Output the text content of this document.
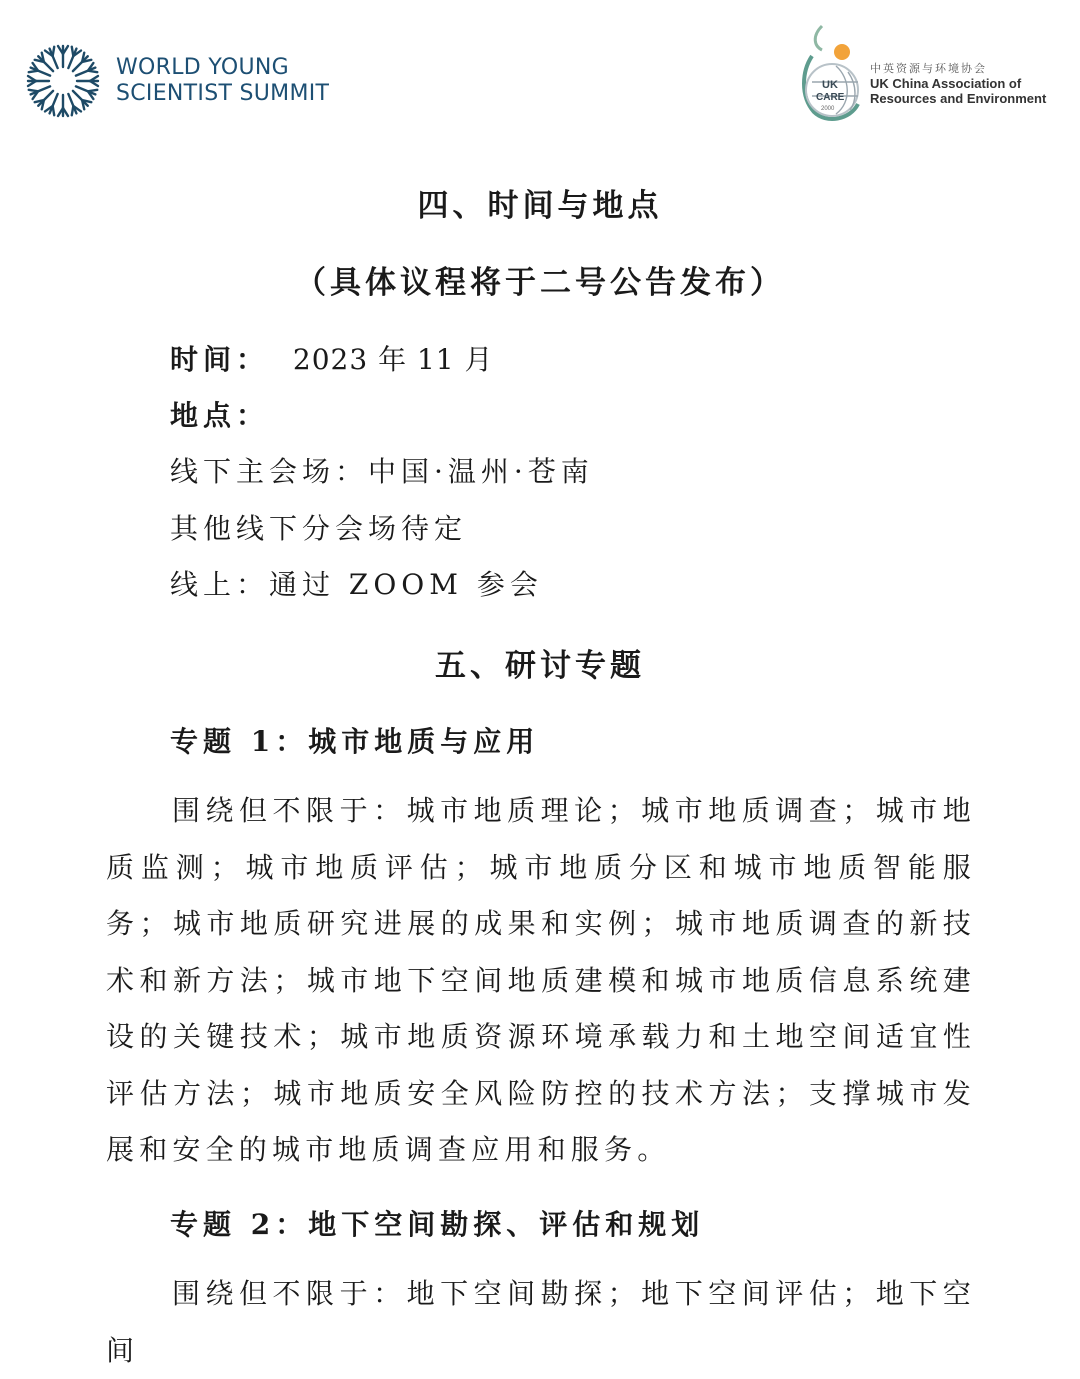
WORLD YOUNG
SCIENTIST SUMMIT	UK
CARE
2000
中英资源与环境协会
UK China Association of
Resources and Environment
四、时间与地点
（具体议程将于二号公告发布）
时间： 2023 年 11 月
地点：
线下主会场：中国·温州·苍南
其他线下分会场待定
线上：通过 ZOOM 参会
五、研讨专题
专题 1：城市地质与应用
围绕但不限于：城市地质理论；城市地质调查；城市地质监测；城市地质评估；城市地质分区和城市地质智能服务；城市地质研究进展的成果和实例；城市地质调查的新技术和新方法；城市地下空间地质建模和城市地质信息系统建设的关键技术；城市地质资源环境承载力和土地空间适宜性评估方法；城市地质安全风险防控的技术方法；支撑城市发展和安全的城市地质调查应用和服务。
专题 2：地下空间勘探、评估和规划
围绕但不限于：地下空间勘探；地下空间评估；地下空间
